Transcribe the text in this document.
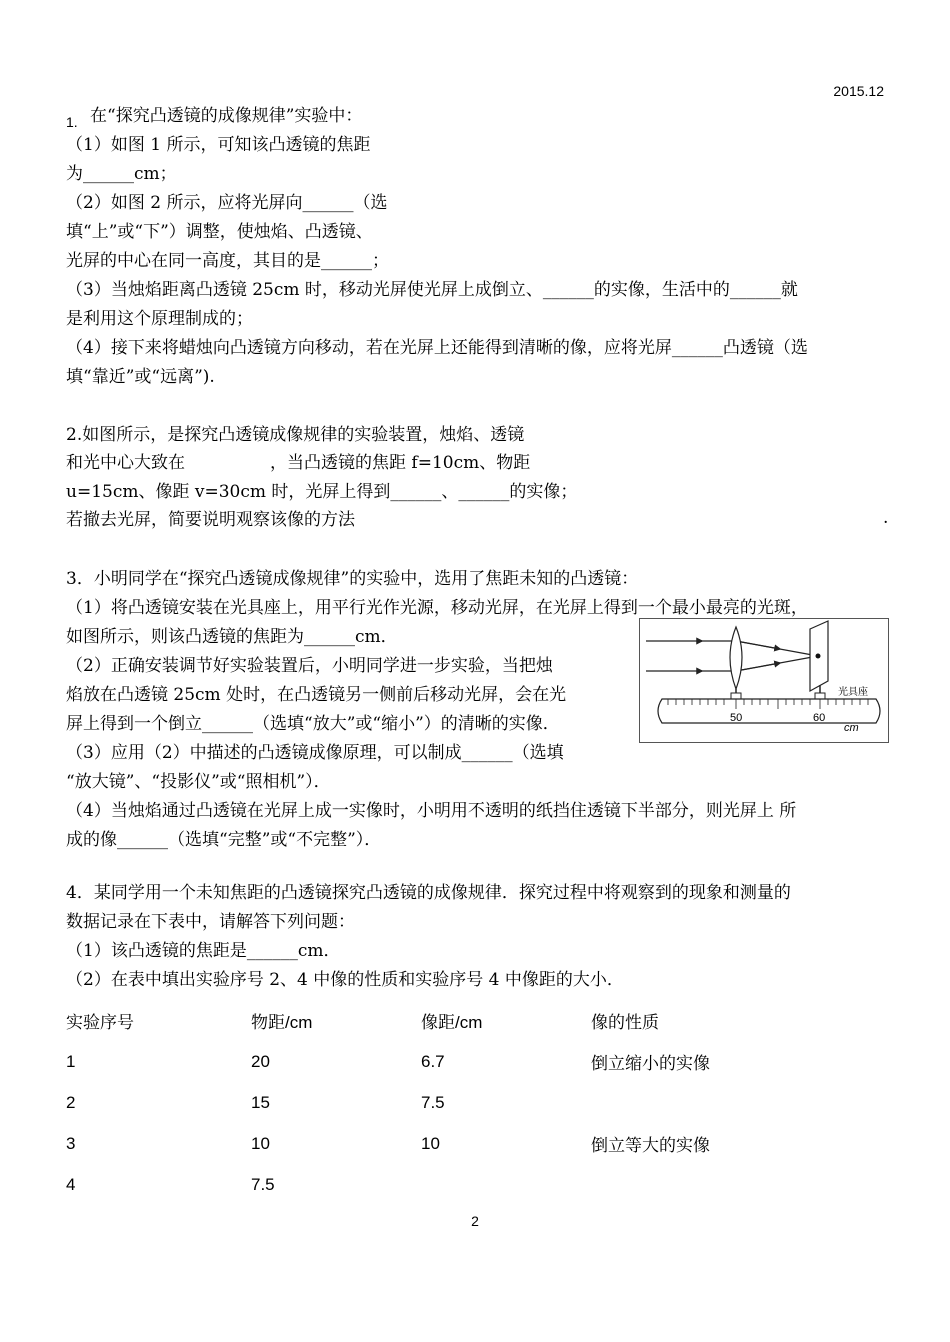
2015.12
1. 在“探究凸透镜的成像规律”实验中：
（1）如图 1 所示，可知该凸透镜的焦距
为______cm；
（2）如图 2 所示，应将光屏向______（选
填“上”或“下”）调整，使烛焰、凸透镜、
光屏的中心在同一高度，其目的是______；
（3）当烛焰距离凸透镜 25cm 时，移动光屏使光屏上成倒立、______的实像，生活中的______就
是利用这个原理制成的；
（4）接下来将蜡烛向凸透镜方向移动，若在光屏上还能得到清晰的像，应将光屏______凸透镜（选
填“靠近”或“远离”).
2.如图所示，是探究凸透镜成像规律的实验装置，烛焰、透镜
和光中心大致在　　　　　，当凸透镜的焦距 f=10cm、物距
u=15cm、像距 v=30cm 时，光屏上得到______、______的实像；
若撤去光屏，简要说明观察该像的方法	.
3．小明同学在“探究凸透镜成像规律”的实验中，选用了焦距未知的凸透镜：
（1）将凸透镜安装在光具座上，用平行光作光源，移动光屏，在光屏上得到一个最小最亮的光斑，
如图所示，则该凸透镜的焦距为______cm．
（2）正确安装调节好实验装置后，小明同学进一步实验，当把烛
焰放在凸透镜 25cm 处时，在凸透镜另一侧前后移动光屏，会在光
屏上得到一个倒立______（选填“放大”或“缩小”）的清晰的实像．
（3）应用（2）中描述的凸透镜成像原理，可以制成______（选填
“放大镜”、“投影仪”或“照相机”）．
（4）当烛焰通过凸透镜在光屏上成一实像时，小明用不透明的纸挡住透镜下半部分，则光屏上 所
成的像______（选填“完整”或“不完整”）．
50	60
cm
光具座
4．某同学用一个未知焦距的凸透镜探究凸透镜的成像规律．探究过程中将观察到的现象和测量的
数据记录在下表中，请解答下列问题：
（1）该凸透镜的焦距是______cm．
（2）在表中填出实验序号 2、4 中像的性质和实验序号 4 中像距的大小．
实验序号	物距/cm	像距/cm	像的性质
1	20	6.7	倒立缩小的实像
2	15	7.5	
3	10	10	倒立等大的实像
4	7.5		
2
